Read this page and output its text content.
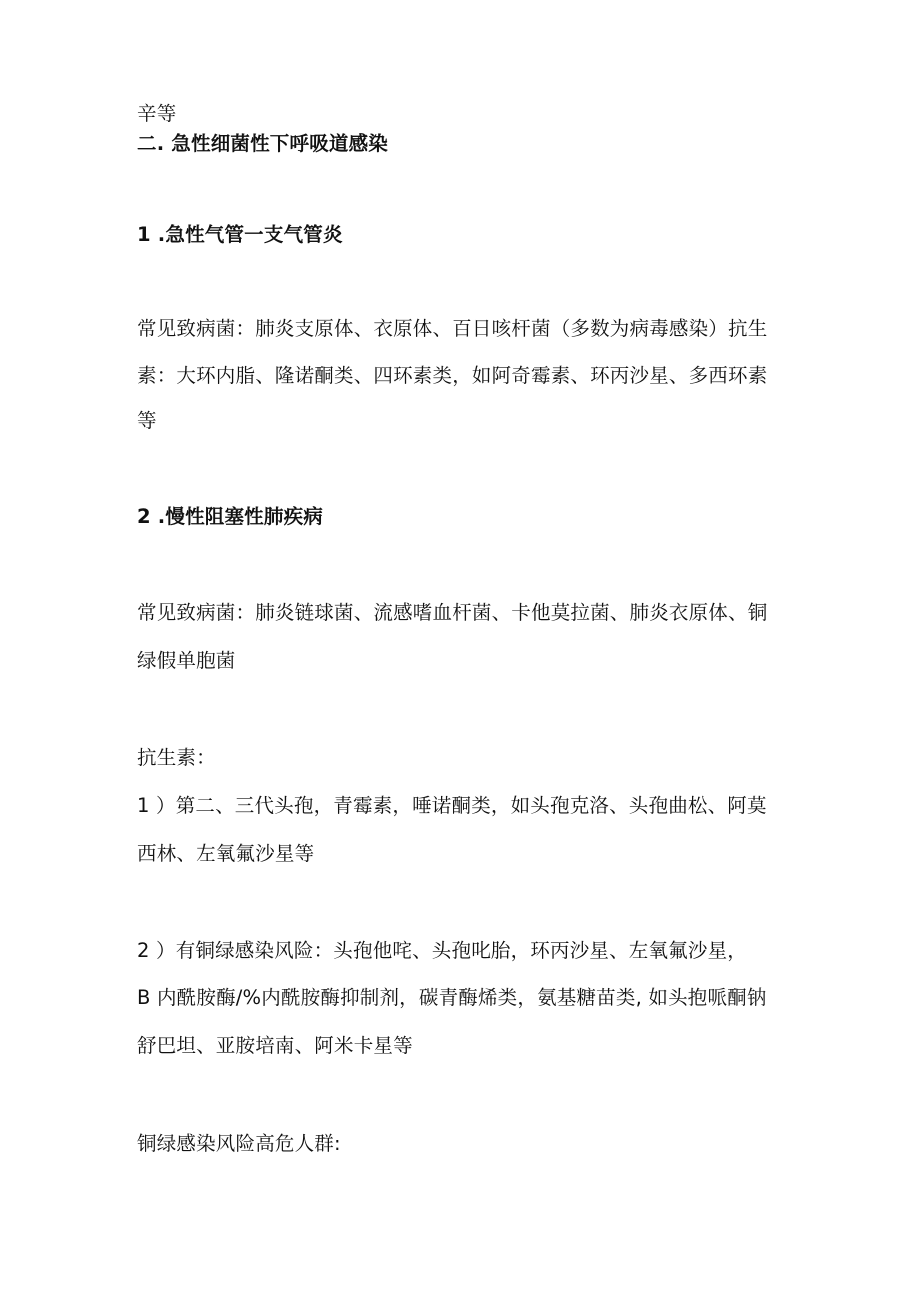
辛等
二. 急性细菌性下呼吸道感染
1 .急性气管一支气管炎
常见致病菌：肺炎支原体、衣原体、百日咳杆菌（多数为病毒感染）抗生
素：大环内脂、隆诺酮类、四环素类，如阿奇霉素、环丙沙星、多西环素
等
2 .慢性阻塞性肺疾病
常见致病菌：肺炎链球菌、流感嗜血杆菌、卡他莫拉菌、肺炎衣原体、铜
绿假单胞菌
抗生素：
1 ）第二、三代头孢，青霉素，唾诺酮类，如头孢克洛、头孢曲松、阿莫
西林、左氧氟沙星等
2 ）有铜绿感染风险：头孢他咤、头孢叱胎，环丙沙星、左氧氟沙星，
B 内酰胺酶/%内酰胺酶抑制剂，碳青酶烯类，氨基糖苗类, 如头抱哌酮钠
舒巴坦、亚胺培南、阿米卡星等
铜绿感染风险高危人群:
